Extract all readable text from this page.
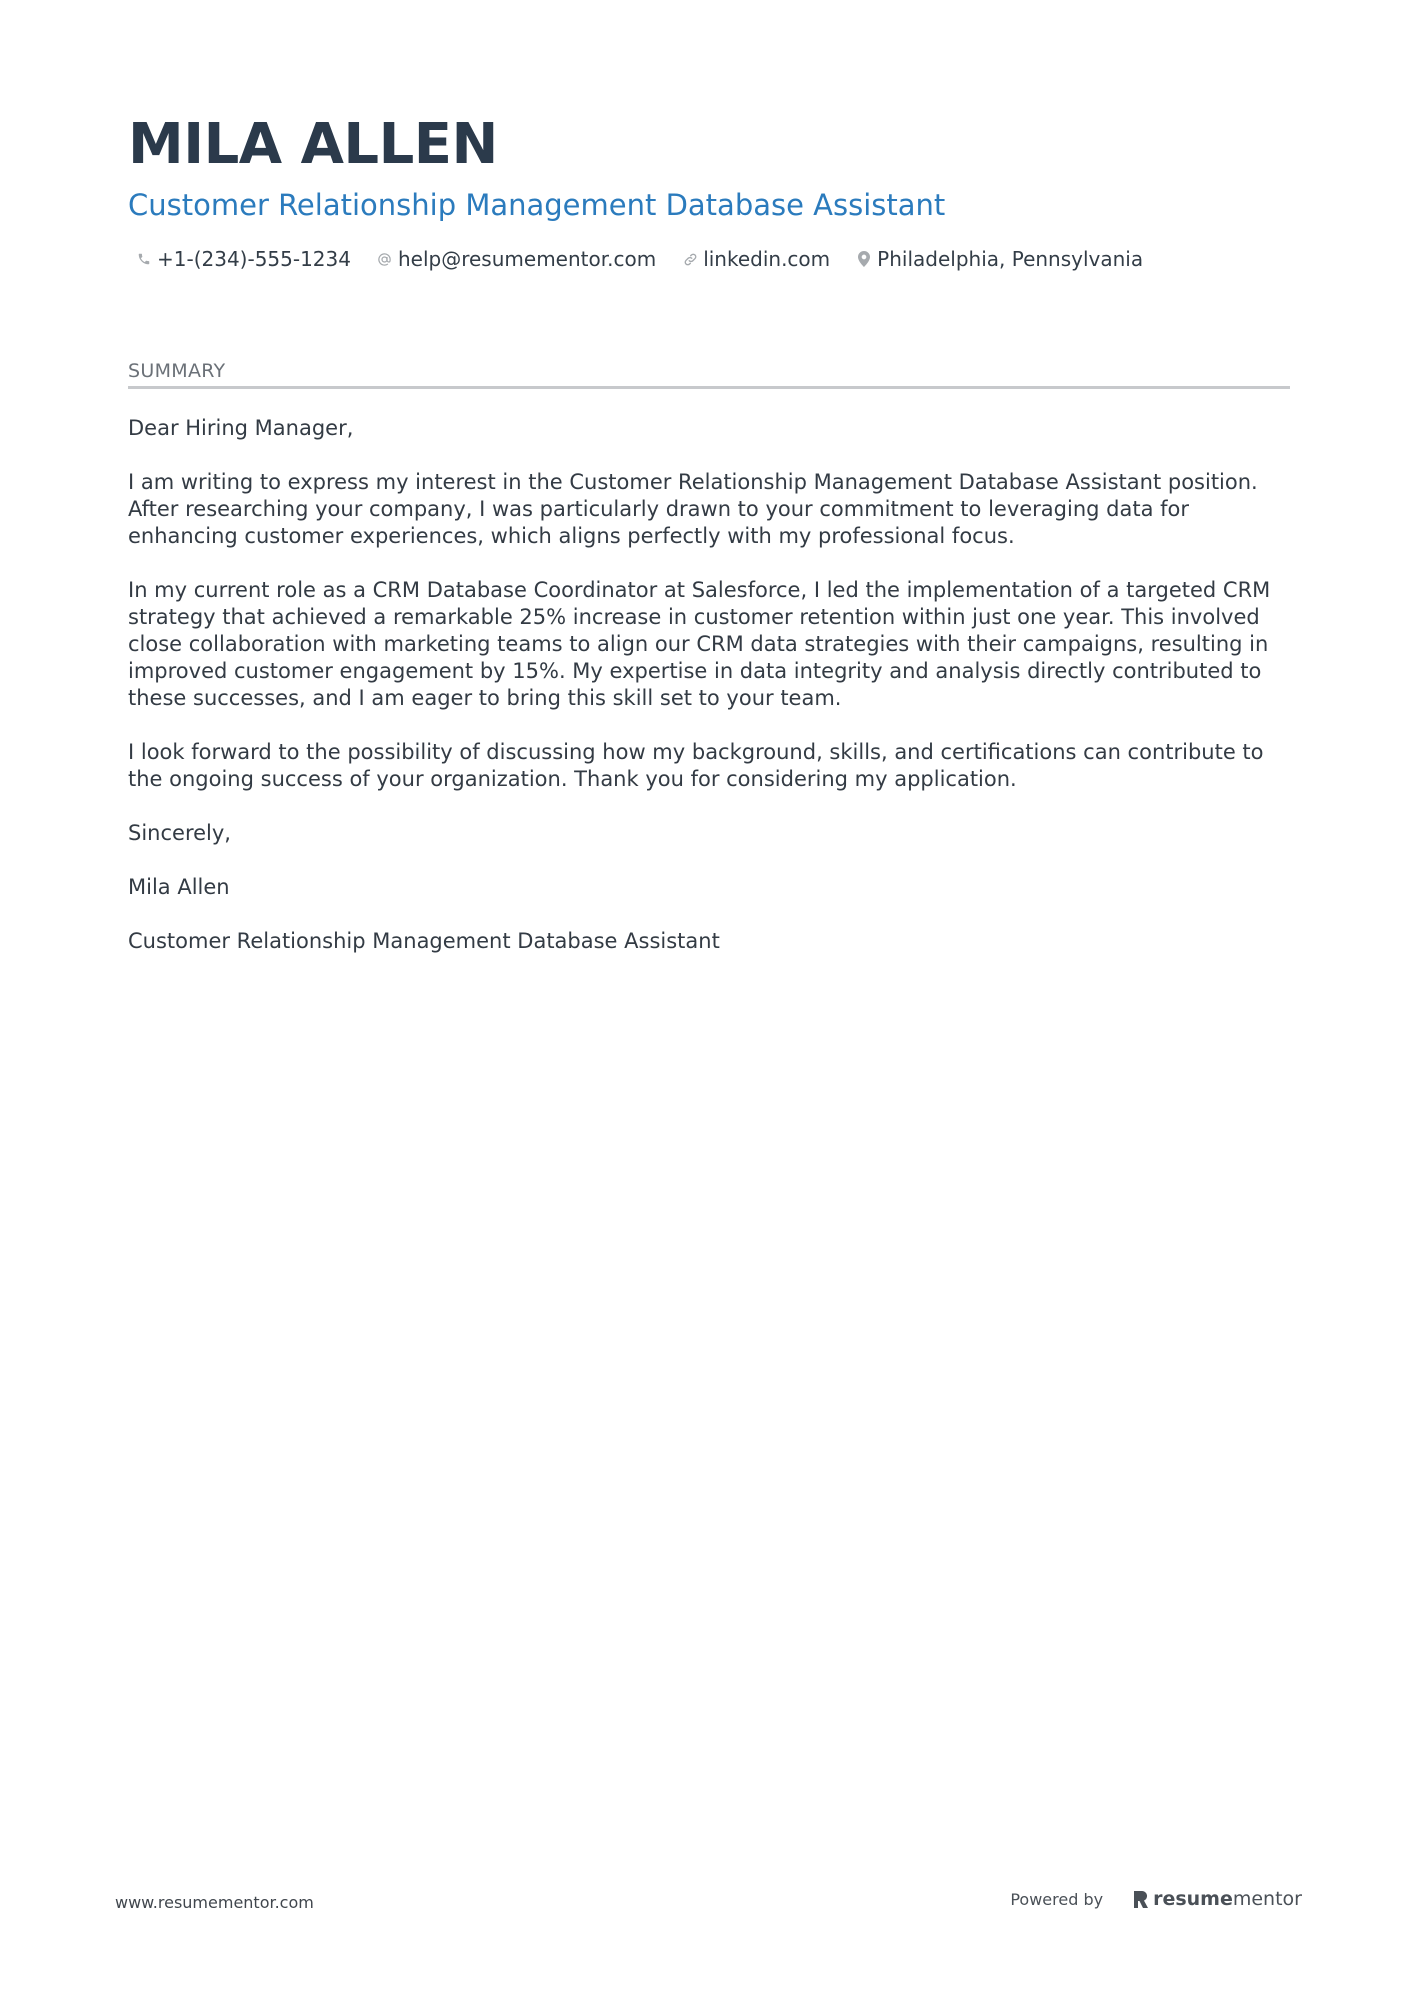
MILA ALLEN
Customer Relationship Management Database Assistant
+1-(234)-555-1234 help@resumementor.com linkedin.com Philadelphia, Pennsylvania
SUMMARY

Dear Hiring Manager,

I am writing to express my interest in the Customer Relationship Management Database Assistant position. After researching your company, I was particularly drawn to your commitment to leveraging data for enhancing customer experiences, which aligns perfectly with my professional focus.

In my current role as a CRM Database Coordinator at Salesforce, I led the implementation of a targeted CRM strategy that achieved a remarkable 25% increase in customer retention within just one year. This involved close collaboration with marketing teams to align our CRM data strategies with their campaigns, resulting in improved customer engagement by 15%. My expertise in data integrity and analysis directly contributed to these successes, and I am eager to bring this skill set to your team.

I look forward to the possibility of discussing how my background, skills, and certifications can contribute to the ongoing success of your organization. Thank you for considering my application.

Sincerely,

Mila Allen

Customer Relationship Management Database Assistant

www.resumementor.com	Powered by	resume mentor
